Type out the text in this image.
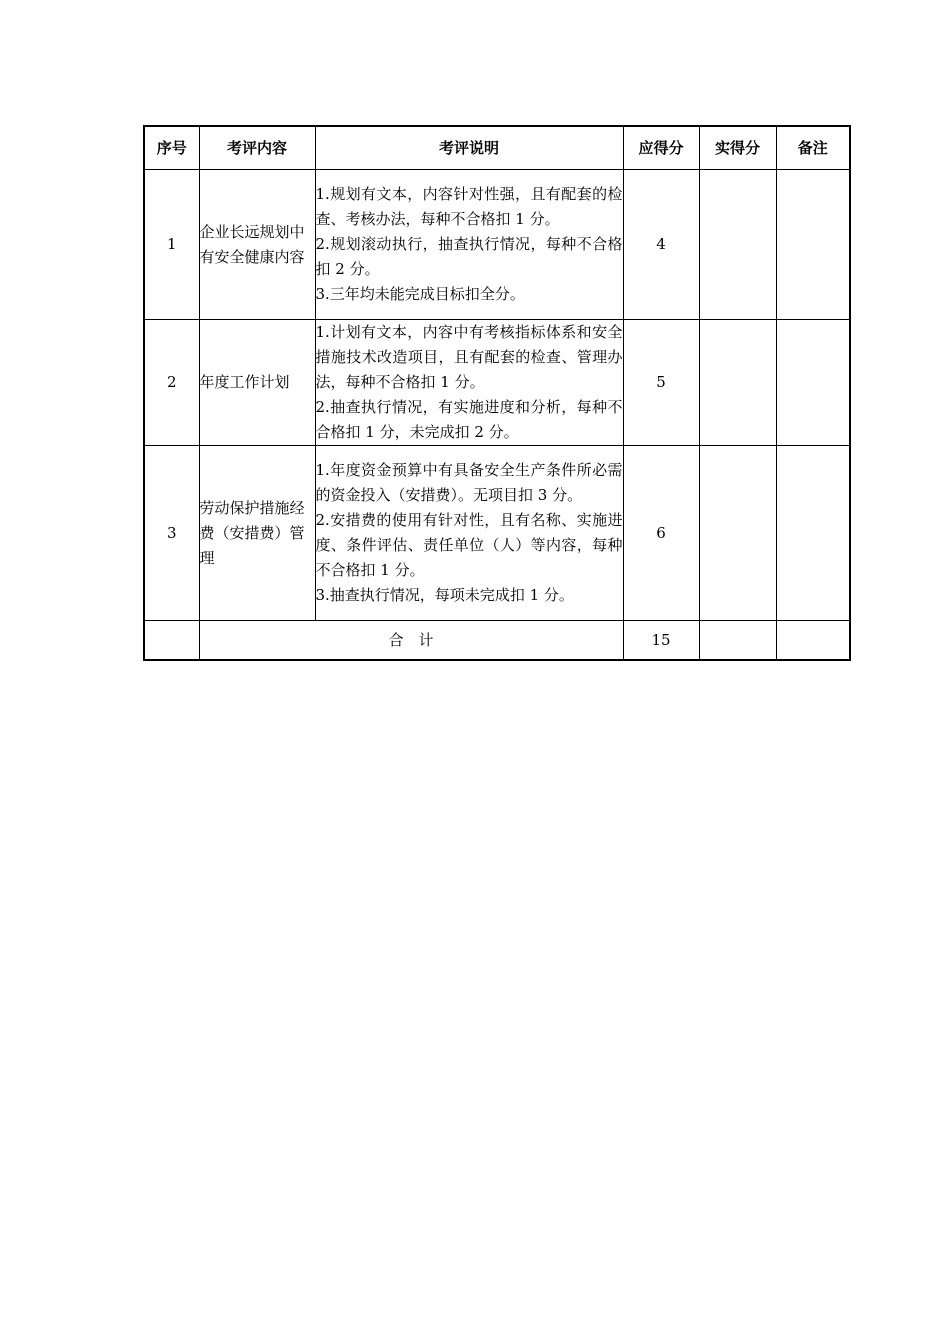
序号	考评内容	考评说明	应得分	实得分	备注
1	企业长远规划中有安全健康内容	1.规划有文本，内容针对性强，且有配套的检查、考核办法，每种不合格扣 1 分。
2.规划滚动执行，抽查执行情况，每种不合格扣 2 分。
3.三年均未能完成目标扣全分。	4		
2	年度工作计划	1.计划有文本，内容中有考核指标体系和安全措施技术改造项目，且有配套的检查、管理办法，每种不合格扣 1 分。
2.抽查执行情况，有实施进度和分析，每种不合格扣 1 分，未完成扣 2 分。	5		
3	劳动保护措施经费（安措费）管理	1.年度资金预算中有具备安全生产条件所必需的资金投入（安措费）。无项目扣 3 分。
2.安措费的使用有针对性，且有名称、实施进度、条件评估、责任单位（人）等内容，每种不合格扣 1 分。
3.抽查执行情况，每项未完成扣 1 分。	6		
	合　计		15		
